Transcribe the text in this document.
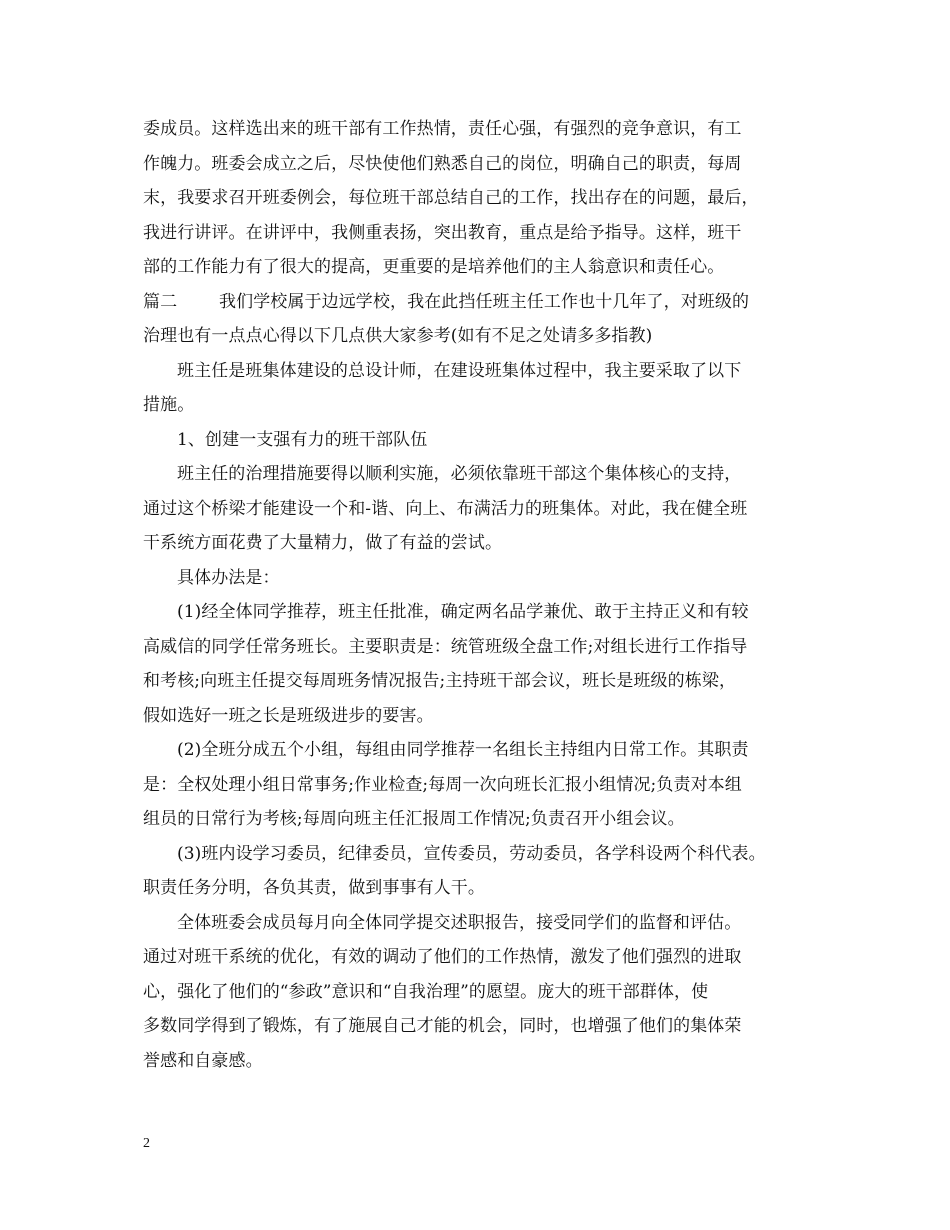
委成员。这样选出来的班干部有工作热情，责任心强，有强烈的竞争意识，有工
作魄力。班委会成立之后，尽快使他们熟悉自己的岗位，明确自己的职责，每周
末，我要求召开班委例会，每位班干部总结自己的工作，找出存在的问题，最后，
我进行讲评。在讲评中，我侧重表扬，突出教育，重点是给予指导。这样，班干
部的工作能力有了很大的提高，更重要的是培养他们的主人翁意识和责任心。
篇二 我们学校属于边远学校，我在此挡任班主任工作也十几年了，对班级的
治理也有一点点心得以下几点供大家参考(如有不足之处请多多指教)
班主任是班集体建设的总设计师，在建设班集体过程中，我主要采取了以下
措施。
1、创建一支强有力的班干部队伍
班主任的治理措施要得以顺利实施，必须依靠班干部这个集体核心的支持，
通过这个桥梁才能建设一个和-谐、向上、布满活力的班集体。对此，我在健全班
干系统方面花费了大量精力，做了有益的尝试。
具体办法是：
(1)经全体同学推荐，班主任批准，确定两名品学兼优、敢于主持正义和有较
高威信的同学任常务班长。主要职责是：统管班级全盘工作;对组长进行工作指导
和考核;向班主任提交每周班务情况报告;主持班干部会议，班长是班级的栋梁，
假如选好一班之长是班级进步的要害。
(2)全班分成五个小组，每组由同学推荐一名组长主持组内日常工作。其职责
是：全权处理小组日常事务;作业检查;每周一次向班长汇报小组情况;负责对本组
组员的日常行为考核;每周向班主任汇报周工作情况;负责召开小组会议。
(3)班内设学习委员，纪律委员，宣传委员，劳动委员，各学科设两个科代表。
职责任务分明，各负其责，做到事事有人干。
全体班委会成员每月向全体同学提交述职报告，接受同学们的监督和评估。
通过对班干系统的优化，有效的调动了他们的工作热情，激发了他们强烈的进取
心，强化了他们的“参政”意识和“自我治理”的愿望。庞大的班干部群体，使
多数同学得到了锻炼，有了施展自己才能的机会，同时，也增强了他们的集体荣
誉感和自豪感。
2
